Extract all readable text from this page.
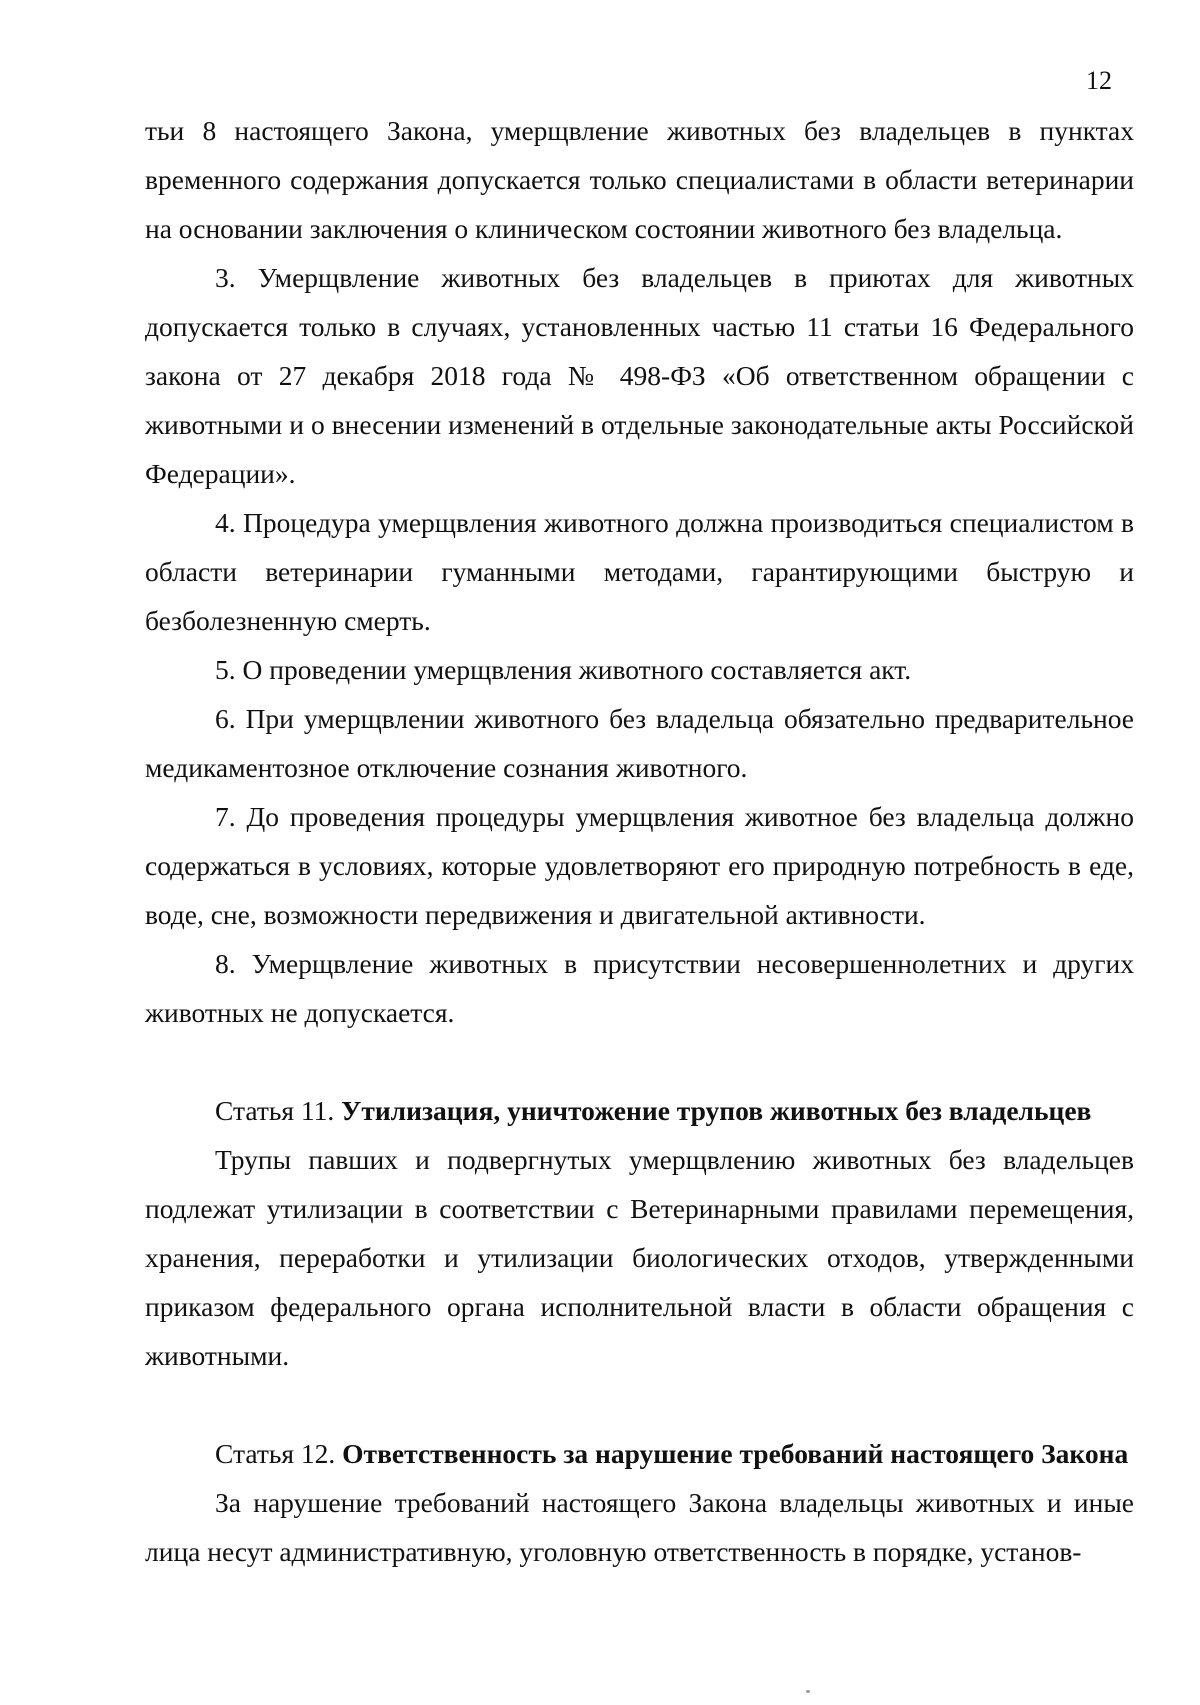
12

тьи 8 настоящего Закона, умерщвление животных без владельцев в пунктах временного содержания допускается только специалистами в области ветеринарии на основании заключения о клиническом состоянии животного без владельца.

3. Умерщвление животных без владельцев в приютах для животных допускается только в случаях, установленных частью 11 статьи 16 Федерального закона от 27 декабря 2018 года № 498-ФЗ «Об ответственном обращении с животными и о внесении изменений в отдельные законодательные акты Российской Федерации».

4. Процедура умерщвления животного должна производиться специалистом в области ветеринарии гуманными методами, гарантирующими быструю и безболезненную смерть.

5. О проведении умерщвления животного составляется акт.

6. При умерщвлении животного без владельца обязательно предварительное медикаментозное отключение сознания животного.

7. До проведения процедуры умерщвления животное без владельца должно содержаться в условиях, которые удовлетворяют его природную потребность в еде, воде, сне, возможности передвижения и двигательной активности.

8. Умерщвление животных в присутствии несовершеннолетних и других животных не допускается.

Статья 11. Утилизация, уничтожение трупов животных без владельцев

Трупы павших и подвергнутых умерщвлению животных без владельцев подлежат утилизации в соответствии с Ветеринарными правилами перемещения, хранения, переработки и утилизации биологических отходов, утвержденными приказом федерального органа исполнительной власти в области обращения с животными.

Статья 12. Ответственность за нарушение требований настоящего Закона

За нарушение требований настоящего Закона владельцы животных и иные лица несут административную, уголовную ответственность в порядке, установ-
